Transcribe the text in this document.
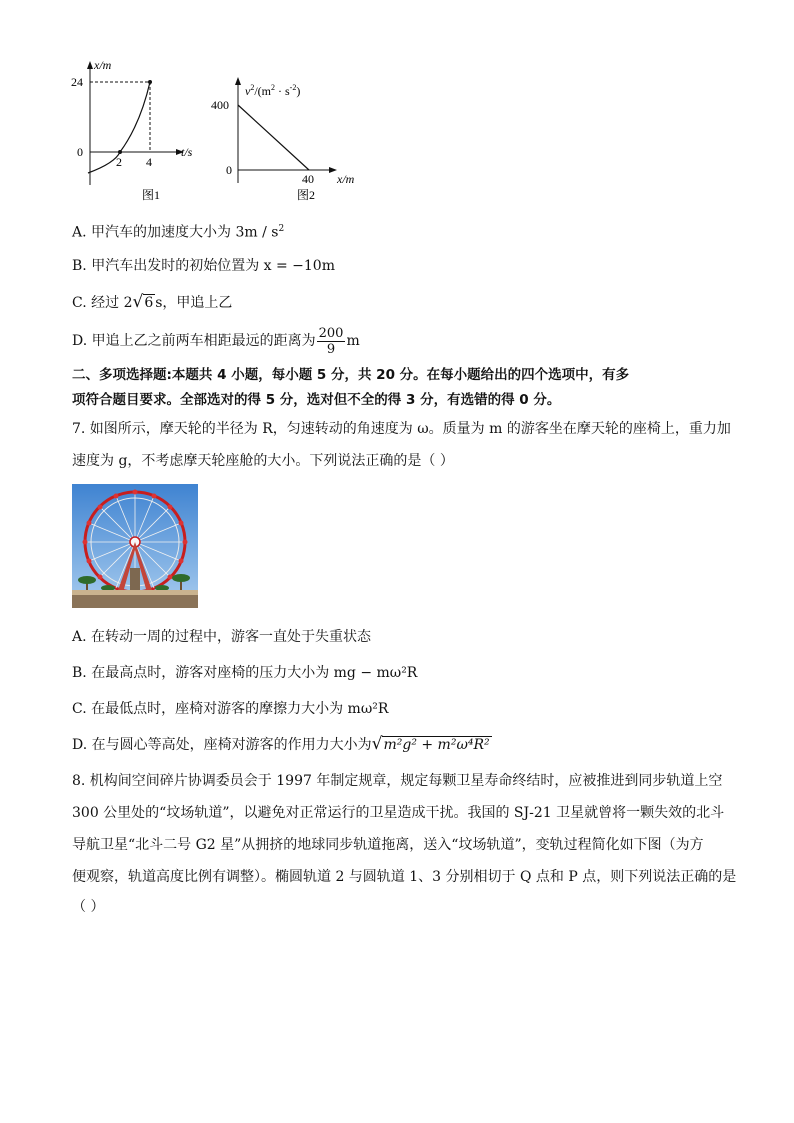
x/m
24
0
2 4
t/s
图1
$v^2/(m^2 \cdot s^{-2})$
400
0
40 x/m
图2
A. 甲汽车的加速度大小为 $3m / s^2$
B. 甲汽车出发时的初始位置为 x = −10m
C. 经过 2√6 s，甲追上乙
D. 甲追上乙之前两车相距最远的距离为 $\frac{200}{9}$ m
二、多项选择题:本题共 4 小题，每小题 5 分，共 20 分。在每小题给出的四个选项中，有多
项符合题目要求。全部选对的得 5 分，选对但不全的得 3 分，有选错的得 0 分。
7. 如图所示，摩天轮的半径为 R，匀速转动的角速度为 ω。质量为 m 的游客坐在摩天轮的座椅上，重力加
速度为 g，不考虑摩天轮座舱的大小。下列说法正确的是（ ）
A. 在转动一周的过程中，游客一直处于失重状态
B. 在最高点时，游客对座椅的压力大小为 mg − mω²R
C. 在最低点时，座椅对游客的摩擦力大小为 mω²R
D. 在与圆心等高处，座椅对游客的作用力大小为√m²g² + m²ω⁴R²
8. 机构间空间碎片协调委员会于 1997 年制定规章，规定每颗卫星寿命终结时，应被推进到同步轨道上空
300 公里处的“坟场轨道”，以避免对正常运行的卫星造成干扰。我国的 SJ-21 卫星就曾将一颗失效的北斗
导航卫星“北斗二号 G2 星”从拥挤的地球同步轨道拖离，送入“坟场轨道”，变轨过程简化如下图（为方
便观察，轨道高度比例有调整）。椭圆轨道 2 与圆轨道 1、3 分别相切于 Q 点和 P 点，则下列说法正确的是
（ ）
